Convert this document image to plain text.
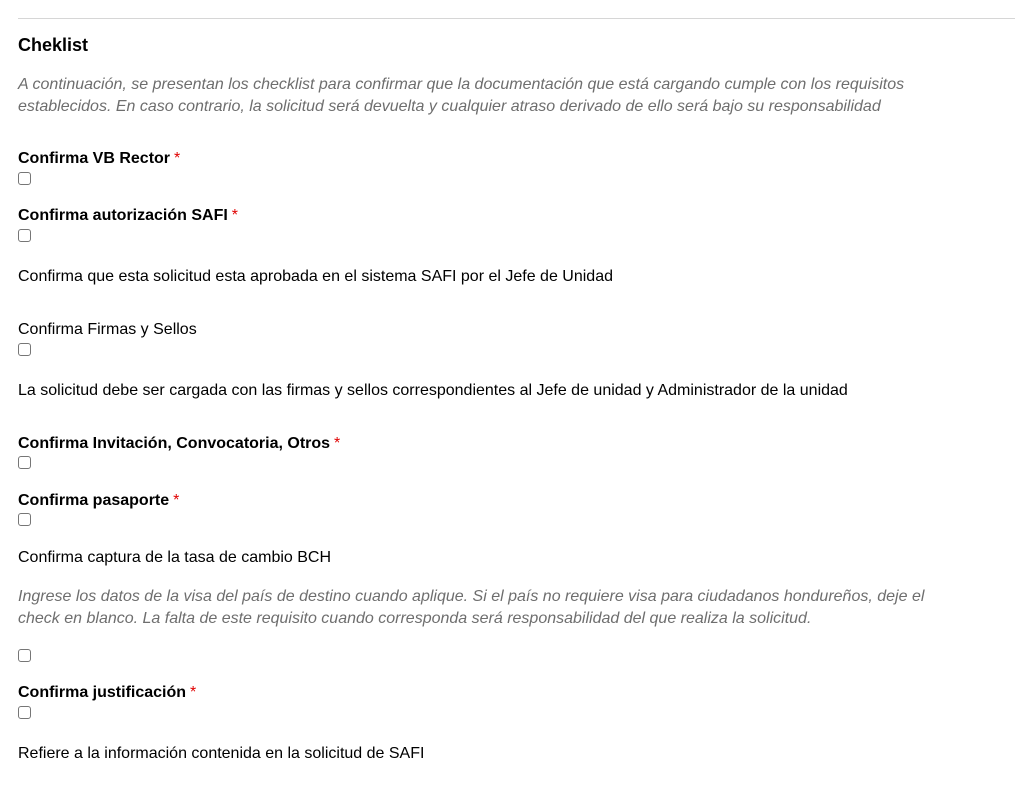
Cheklist
A continuación, se presentan los checklist para confirmar que la documentación que está cargando cumple con los requisitos
establecidos. En caso contrario, la solicitud será devuelta y cualquier atraso derivado de ello será bajo su responsabilidad
Confirma VB Rector *
Confirma autorización SAFI *
Confirma que esta solicitud esta aprobada en el sistema SAFI por el Jefe de Unidad
Confirma Firmas y Sellos
La solicitud debe ser cargada con las firmas y sellos correspondientes al Jefe de unidad y Administrador de la unidad
Confirma Invitación, Convocatoria, Otros *
Confirma pasaporte *
Confirma captura de la tasa de cambio BCH
Ingrese los datos de la visa del país de destino cuando aplique. Si el país no requiere visa para ciudadanos hondureños, deje el
check en blanco. La falta de este requisito cuando corresponda será responsabilidad del que realiza la solicitud.
Confirma justificación *
Refiere a la información contenida en la solicitud de SAFI
